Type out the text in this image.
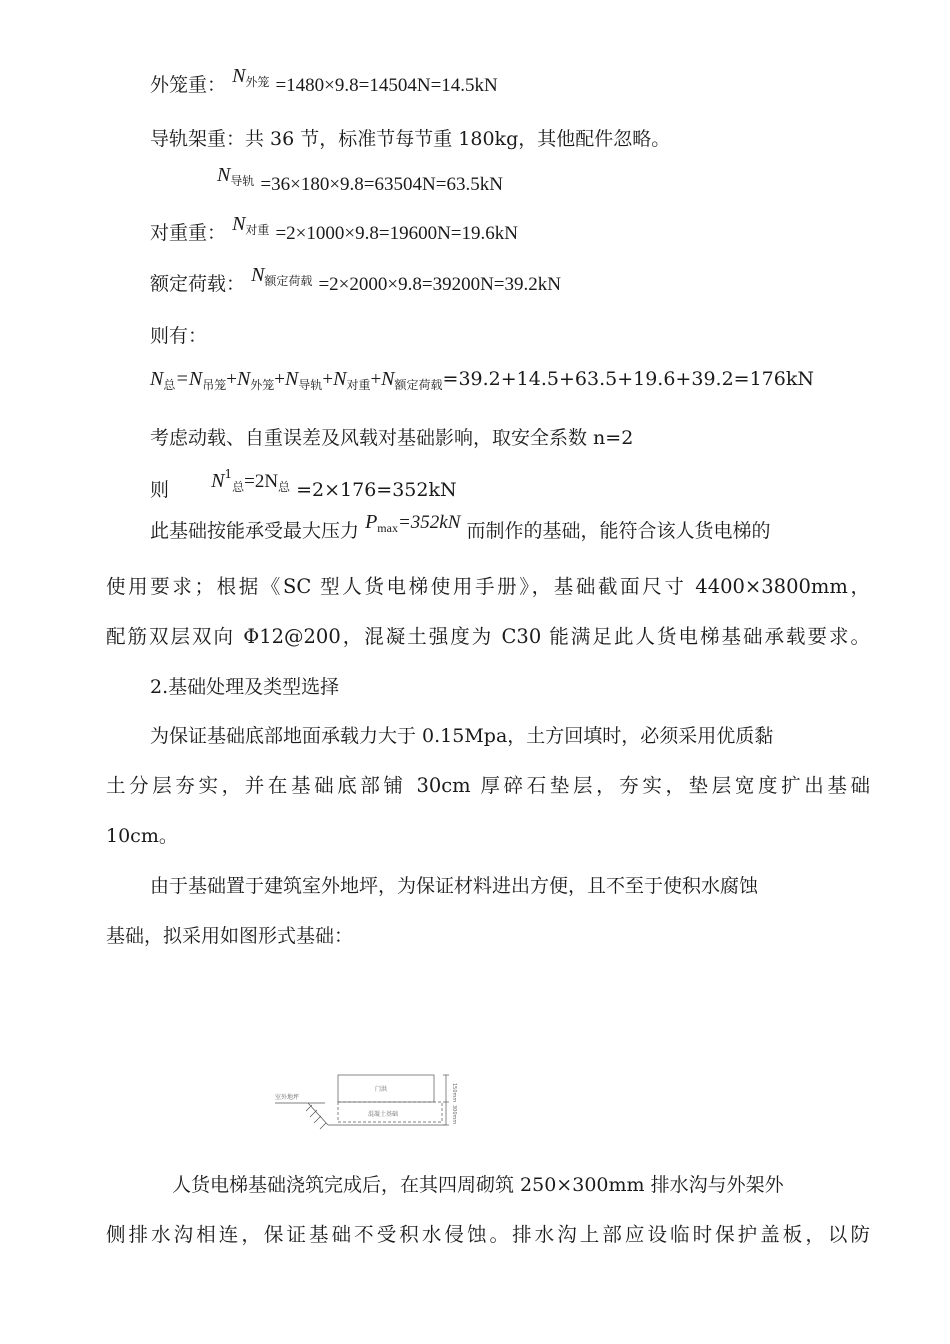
外笼重： $N_{外笼} =1480\times 9.8=14504N=14.5kN$
导轨架重：共 36 节，标准节每节重 180kg，其他配件忽略。
$N_{导轨} =36\times 180\times 9.8=63504N=63.5kN$
对重重： $N_{对重} =2\times 1000\times 9.8=19600N=19.6kN$
额定荷载： $N_{额定荷载} =2\times 2000\times 9.8=39200N=39.2kN$
则有：
$N_总=N_{吊笼}+N_{外笼}+N_{导轨}+N_{对重}+N_{额定荷载}=39.2+14.5+63.5+19.6+39.2=176kN$
考虑动载、自重误差及风载对基础影响，取安全系数 n=2
则 $N^1_总=2N_总 =2\times 176=352kN$
此基础按能承受最大压力 $P_{max}=352kN$ 而制作的基础，能符合该人货电梯的
使用要求；根据《SC 型人货电梯使用手册》，基础截面尺寸 4400×3800mm，
配筋双层双向 Φ12@200，混凝土强度为 C30 能满足此人货电梯基础承载要求。
2.基础处理及类型选择
为保证基础底部地面承载力大于 0.15Mpa，土方回填时，必须采用优质黏
土分层夯实，并在基础底部铺 30cm 厚碎石垫层，夯实，垫层宽度扩出基础
10cm。
由于基础置于建筑室外地坪，为保证材料进出方便，且不至于使积水腐蚀
基础，拟采用如图形式基础：
室外地坪
门洪
混凝土基础
150mm
300mm
人货电梯基础浇筑完成后，在其四周砌筑 250×300mm 排水沟与外架外
侧排水沟相连，保证基础不受积水侵蚀。排水沟上部应设临时保护盖板，以防
